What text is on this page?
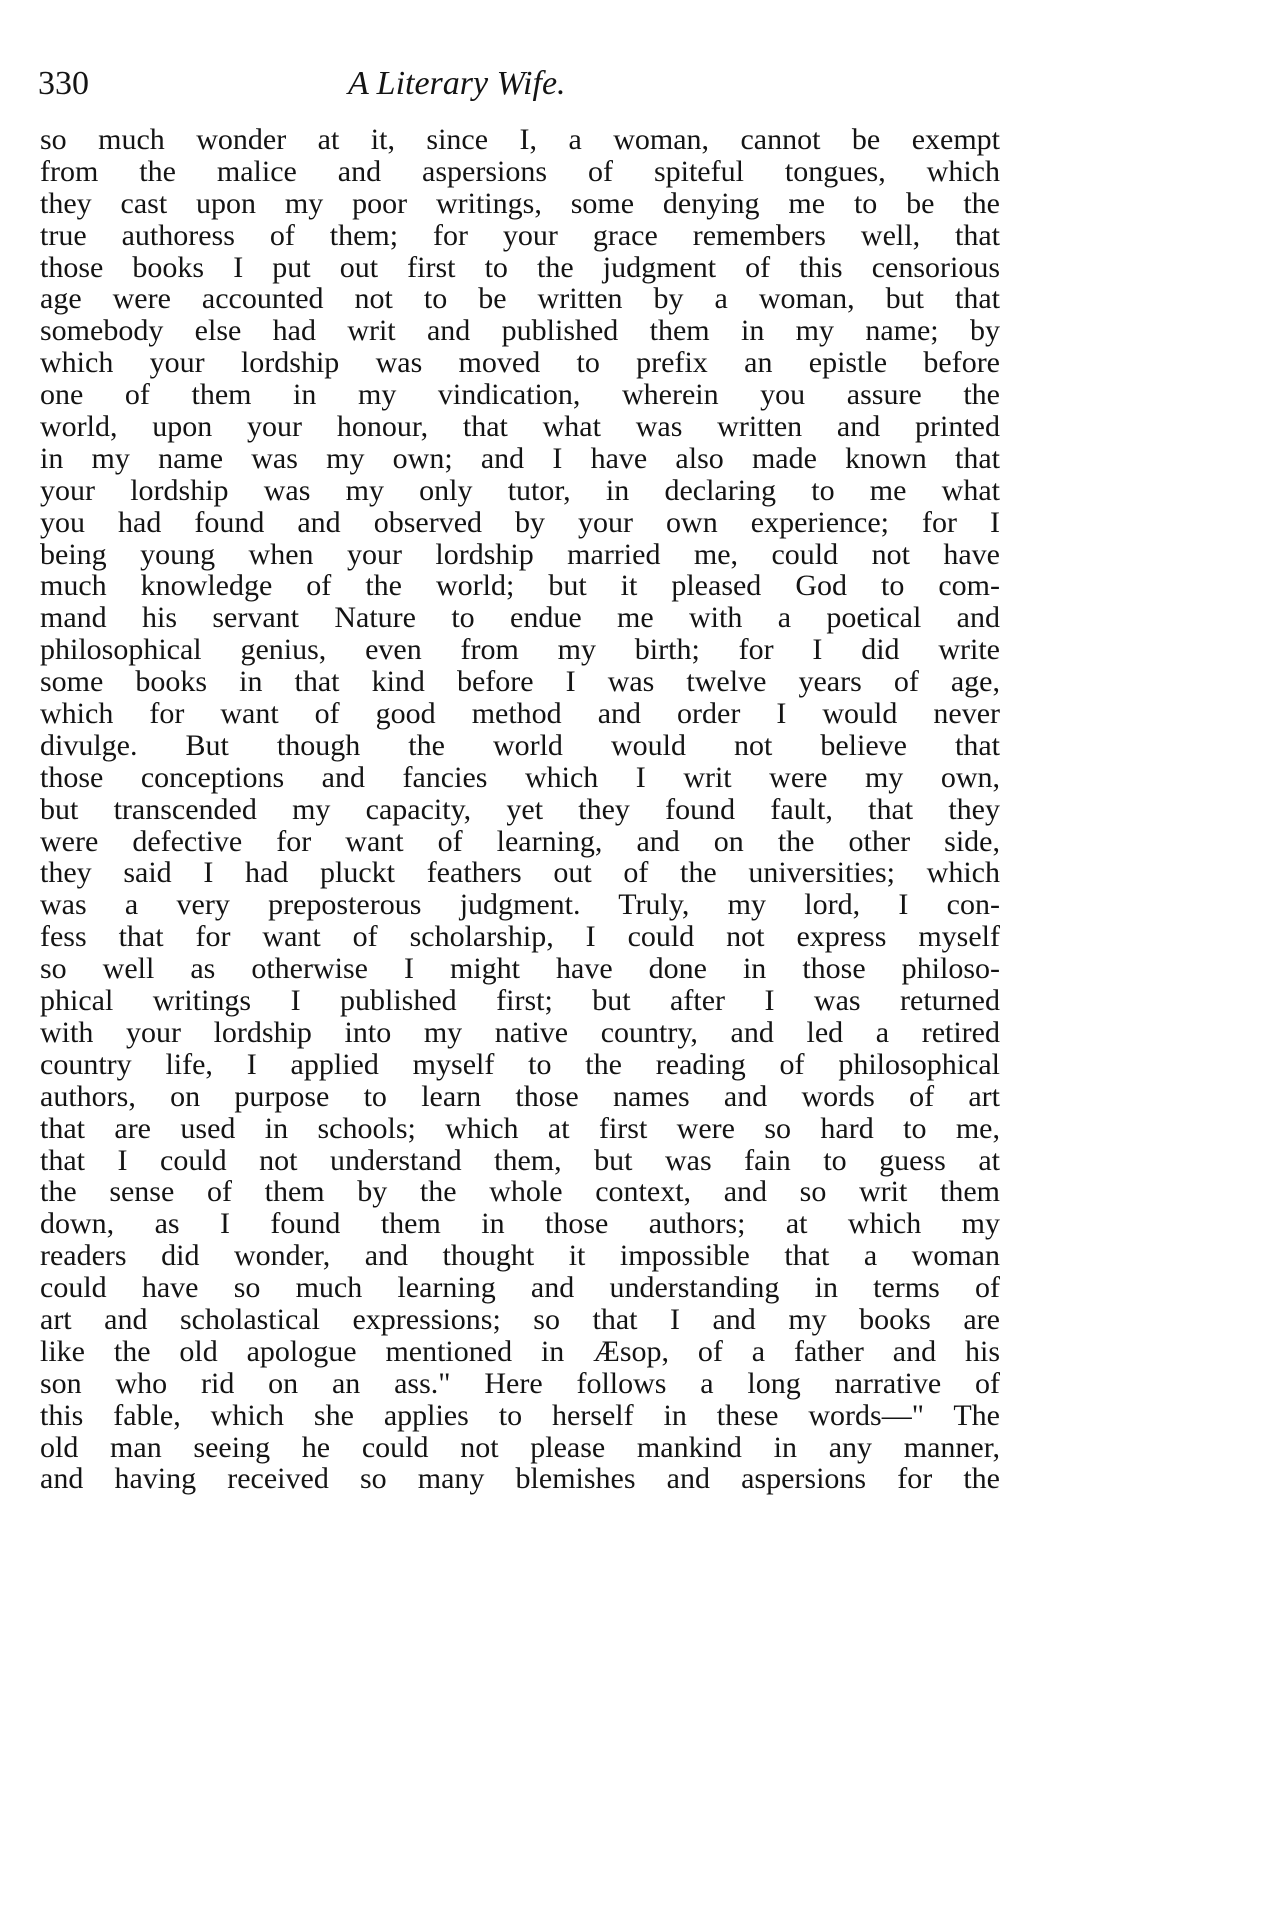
330	A Literary Wife.
so much wonder at it, since I, a woman, cannot be exempt
from the malice and aspersions of spiteful tongues, which
they cast upon my poor writings, some denying me to be the
true authoress of them; for your grace remembers well, that
those books I put out first to the judgment of this censorious
age were accounted not to be written by a woman, but that
somebody else had writ and published them in my name; by
which your lordship was moved to prefix an epistle before
one of them in my vindication, wherein you assure the
world, upon your honour, that what was written and printed
in my name was my own; and I have also made known that
your lordship was my only tutor, in declaring to me what
you had found and observed by your own experience; for I
being young when your lordship married me, could not have
much knowledge of the world; but it pleased God to com-
mand his servant Nature to endue me with a poetical and
philosophical genius, even from my birth; for I did write
some books in that kind before I was twelve years of age,
which for want of good method and order I would never
divulge. But though the world would not believe that
those conceptions and fancies which I writ were my own,
but transcended my capacity, yet they found fault, that they
were defective for want of learning, and on the other side,
they said I had pluckt feathers out of the universities; which
was a very preposterous judgment. Truly, my lord, I con-
fess that for want of scholarship, I could not express myself
so well as otherwise I might have done in those philoso-
phical writings I published first; but after I was returned
with your lordship into my native country, and led a retired
country life, I applied myself to the reading of philosophical
authors, on purpose to learn those names and words of art
that are used in schools; which at first were so hard to me,
that I could not understand them, but was fain to guess at
the sense of them by the whole context, and so writ them
down, as I found them in those authors; at which my
readers did wonder, and thought it impossible that a woman
could have so much learning and understanding in terms of
art and scholastical expressions; so that I and my books are
like the old apologue mentioned in Æsop, of a father and his
son who rid on an ass." Here follows a long narrative of
this fable, which she applies to herself in these words—" The
old man seeing he could not please mankind in any manner,
and having received so many blemishes and aspersions for the
